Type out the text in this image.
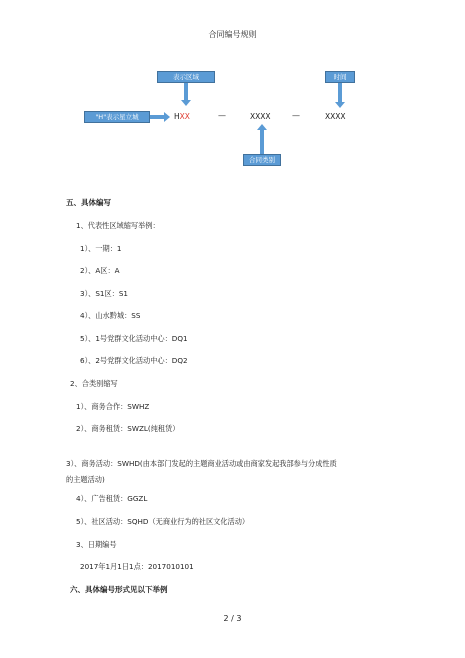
合同编号规则
表示区域	时间
"H"表示星立城	HXX	—	XXXX	—	XXXX
合同类别
五、具体编写
1、代表性区域缩写举例：
1）、一期：1
2）、A区：A
3）、S1区：S1
4）、山水黔城：SS
5）、1号党群文化活动中心：DQ1
6）、2号党群文化活动中心：DQ2
2、合类别缩写
1）、商务合作：SWHZ
2）、商务租赁：SWZL(纯租赁）
3）、商务活动：SWHD(由本部门发起的主题商业活动或由商家发起我部参与分成性质
的主题活动)
4）、广告租赁：GGZL
5）、社区活动：SQHD（无商业行为的社区文化活动）
3、日期编号
2017年1月1日1点：2017010101
六、具体编号形式见以下举例
2 / 3
